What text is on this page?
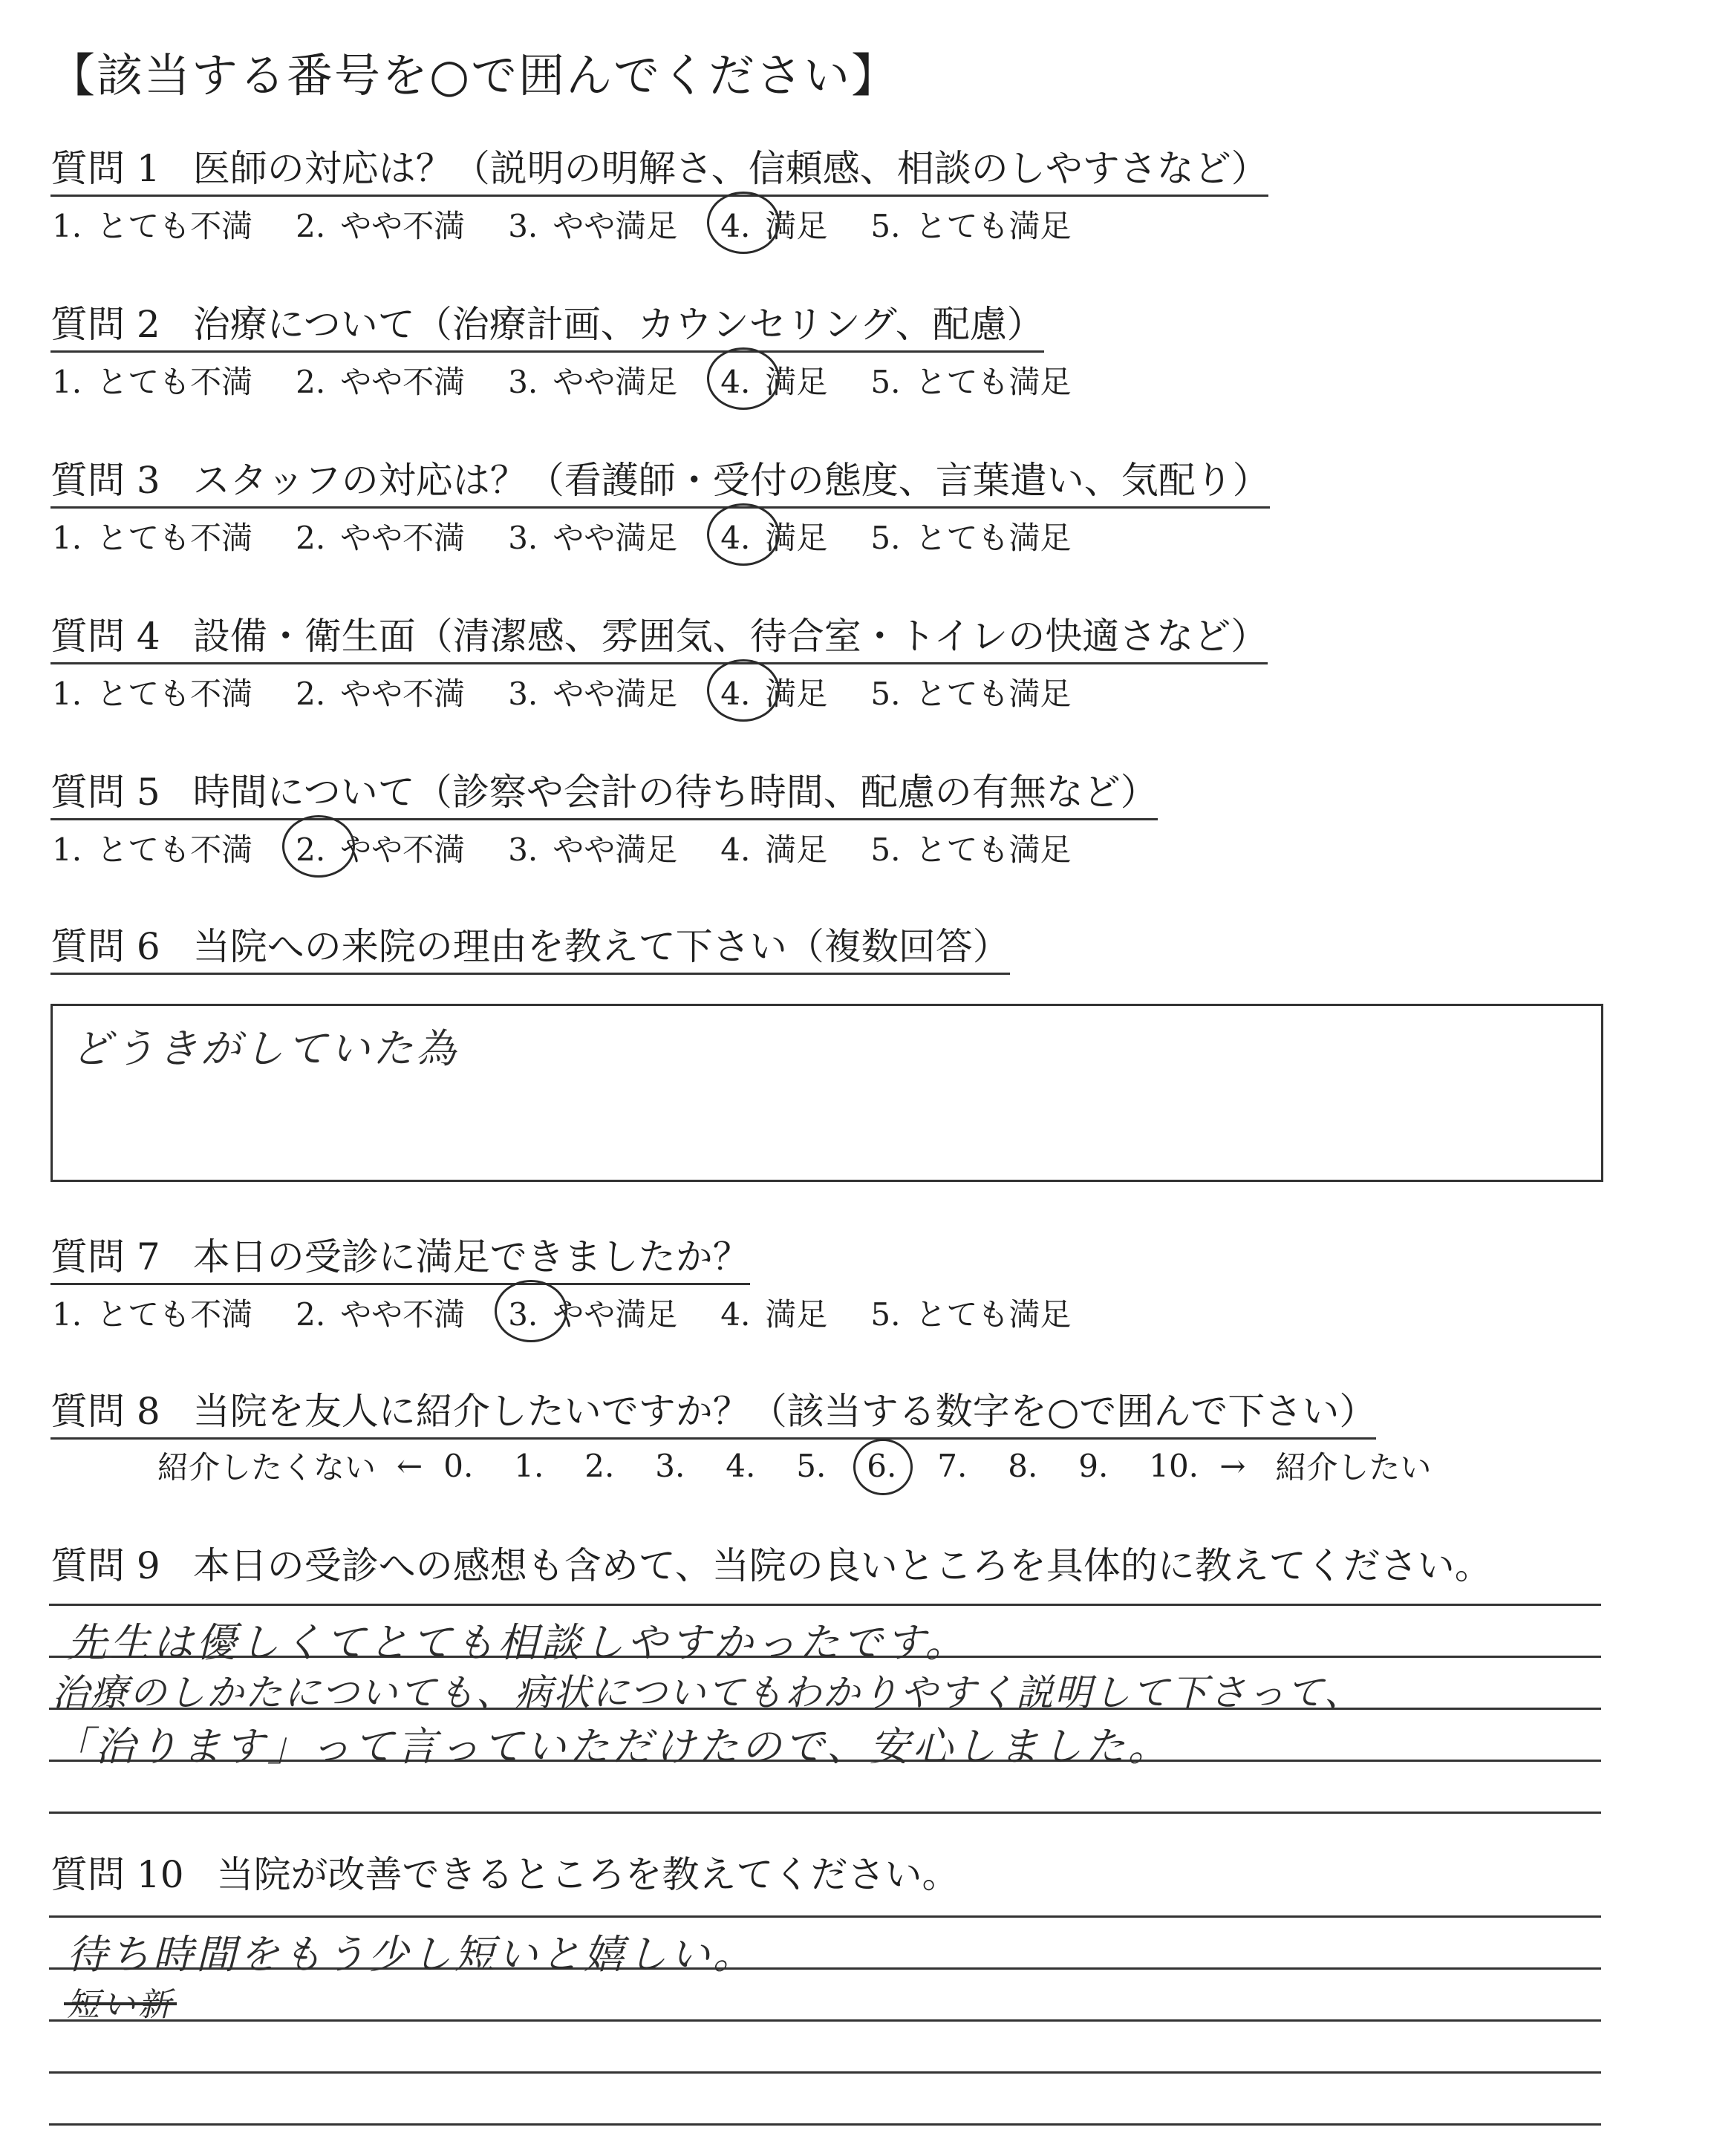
【該当する番号を○で囲んでください】
質問 1 医師の対応は？（説明の明解さ、信頼感、相談のしやすさなど）
1. とても不満 2. やや不満 3. やや満足 4. 満足 5. とても満足
質問 2 治療について（治療計画、カウンセリング、配慮）
1. とても不満 2. やや不満 3. やや満足 4. 満足 5. とても満足
質問 3 スタッフの対応は？（看護師・受付の態度、言葉遣い、気配り）
1. とても不満 2. やや不満 3. やや満足 4. 満足 5. とても満足
質問 4 設備・衛生面（清潔感、雰囲気、待合室・トイレの快適さなど）
1. とても不満 2. やや不満 3. やや満足 4. 満足 5. とても満足
質問 5 時間について（診察や会計の待ち時間、配慮の有無など）
1. とても不満 2. やや不満 3. やや満足 4. 満足 5. とても満足
質問 6 当院への来院の理由を教えて下さい（複数回答）
どうきがしていた為
質問 7 本日の受診に満足できましたか？
1. とても不満 2. やや不満 3. やや満足 4. 満足 5. とても満足
質問 8 当院を友人に紹介したいですか？（該当する数字を○で囲んで下さい）
紹介したくない ← 0.	1.	2.	3.	4.	5.	6.	7.	8.	9.	10. → 紹介したい
質問 9 本日の受診への感想も含めて、当院の良いところを具体的に教えてください。
先生は優しくてとても相談しやすかったです。
治療のしかたについても、病状についてもわかりやすく説明して下さって、
「治ります」って言っていただけたので、安心しました。
質問 10 当院が改善できるところを教えてください。
待ち時間をもう少し短いと嬉しい。
短い新
